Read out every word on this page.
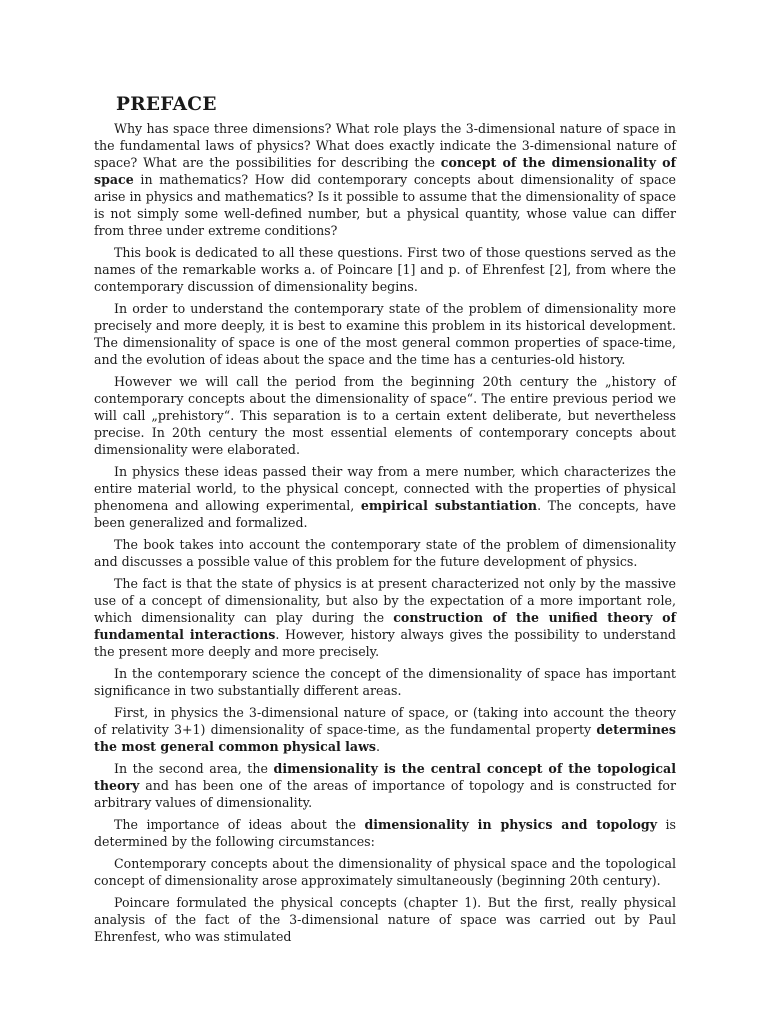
PREFACE

Why has space three dimensions? What role plays the 3-dimensional nature of space in the fundamental laws of physics? What does exactly indicate the 3-dimensional nature of space? What are the possibilities for describing the concept of the dimensionality of space in mathematics? How did contemporary concepts about dimensionality of space arise in physics and mathematics? Is it possible to assume that the dimensionality of space is not simply some well-defined number, but a physical quantity, whose value can differ from three under extreme conditions?

This book is dedicated to all these questions. First two of those questions served as the names of the remarkable works a. of Poincare [1] and p. of Ehrenfest [2], from where the contemporary discussion of dimensionality begins.

In order to understand the contemporary state of the problem of dimensionality more precisely and more deeply, it is best to examine this problem in its historical development. The dimensionality of space is one of the most general common properties of space-time, and the evolution of ideas about the space and the time has a centuries-old history.

However we will call the period from the beginning 20th century the „history of contemporary concepts about the dimensionality of space“. The entire previous period we will call „prehistory“. This separation is to a certain extent deliberate, but nevertheless precise. In 20th century the most essential elements of contemporary concepts about dimensionality were elaborated.

In physics these ideas passed their way from a mere number, which characterizes the entire material world, to the physical concept, connected with the properties of physical phenomena and allowing experimental, empirical substantiation. The concepts, have been generalized and formalized.

The book takes into account the contemporary state of the problem of dimensionality and discusses a possible value of this problem for the future development of physics.

The fact is that the state of physics is at present characterized not only by the massive use of a concept of dimensionality, but also by the expectation of a more important role, which dimensionality can play during the construction of the unified theory of fundamental interactions. However, history always gives the possibility to understand the present more deeply and more precisely.

In the contemporary science the concept of the dimensionality of space has important significance in two substantially different areas.

First, in physics the 3-dimensional nature of space, or (taking into account the theory of relativity 3+1) dimensionality of space-time, as the fundamental property determines the most general common physical laws.

In the second area, the dimensionality is the central concept of the topological theory and has been one of the areas of importance of topology and is constructed for arbitrary values of dimensionality.

The importance of ideas about the dimensionality in physics and topology is determined by the following circumstances:

Contemporary concepts about the dimensionality of physical space and the topological concept of dimensionality arose approximately simultaneously (beginning 20th century).

Poincare formulated the physical concepts (chapter 1). But the first, really physical analysis of the fact of the 3-dimensional nature of space was carried out by Paul Ehrenfest, who was stimulated
